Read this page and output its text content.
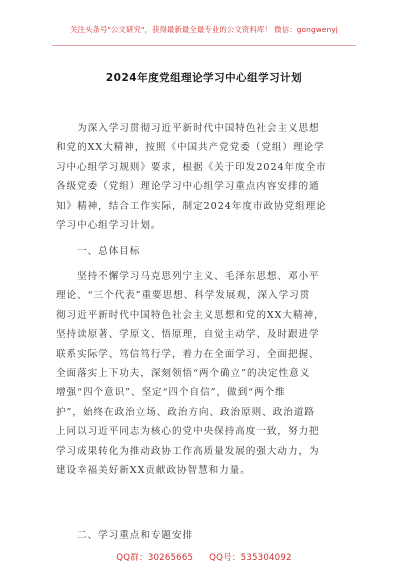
关注头条号"公文研究"，获得最新最全最专业的公文资料库！ 微信：gongwenyj
2024年度党组理论学习中心组学习计划
　　为深入学习贯彻习近平新时代中国特色社会主义思想
和党的XX大精神，按照《中国共产党党委（党组）理论学
习中心组学习规则》要求，根据《关于印发2024年度全市
各级党委（党组）理论学习中心组学习重点内容安排的通
知》精神，结合工作实际，制定2024年度市政协党组理论
学习中心组学习计划。
　　一、总体目标
　　坚持不懈学习马克思列宁主义、毛泽东思想、邓小平
理论、“三个代表”重要思想、科学发展观，深入学习贯
彻习近平新时代中国特色社会主义思想和党的XX大精神，
坚持读原著、学原文、悟原理，自觉主动学、及时跟进学
联系实际学、笃信笃行学，着力在全面学习、全面把握、
全面落实上下功夫，深刻领悟“两个确立”的决定性意义
增强“四个意识”、坚定“四个自信”，做到“两个维
护”，始终在政治立场、政治方向、政治原则、政治道路
上同以习近平同志为核心的党中央保持高度一致，努力把
学习成果转化为推动政协工作高质量发展的强大动力，为
建设幸福美好新XX贡献政协智慧和力量。
　　二、学习重点和专题安排
QQ群：30265665 QQ号：535304092
